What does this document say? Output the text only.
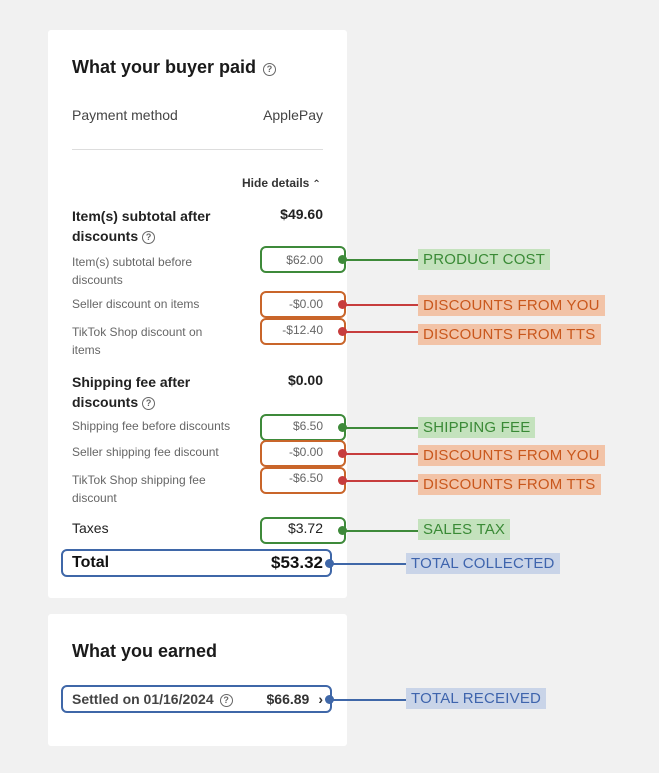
What your buyer paid ?
Payment method	ApplePay
Hide details ⌃
Item(s) subtotal after
discounts ?
$49.60
Item(s) subtotal before
discounts
$62.00
Seller discount on items	-$0.00
TikTok Shop discount on
items
-$12.40
Shipping fee after
discounts ?
$0.00
Shipping fee before discounts	$6.50
Seller shipping fee discount	-$0.00
TikTok Shop shipping fee
discount
-$6.50
Taxes	$3.72
Total	$53.32
What you earned
Settled on 01/16/2024 ?	$66.89 ›
PRODUCT COST
DISCOUNTS FROM YOU
DISCOUNTS FROM TTS
SHIPPING FEE
DISCOUNTS FROM YOU
DISCOUNTS FROM TTS
SALES TAX
TOTAL COLLECTED
TOTAL RECEIVED
